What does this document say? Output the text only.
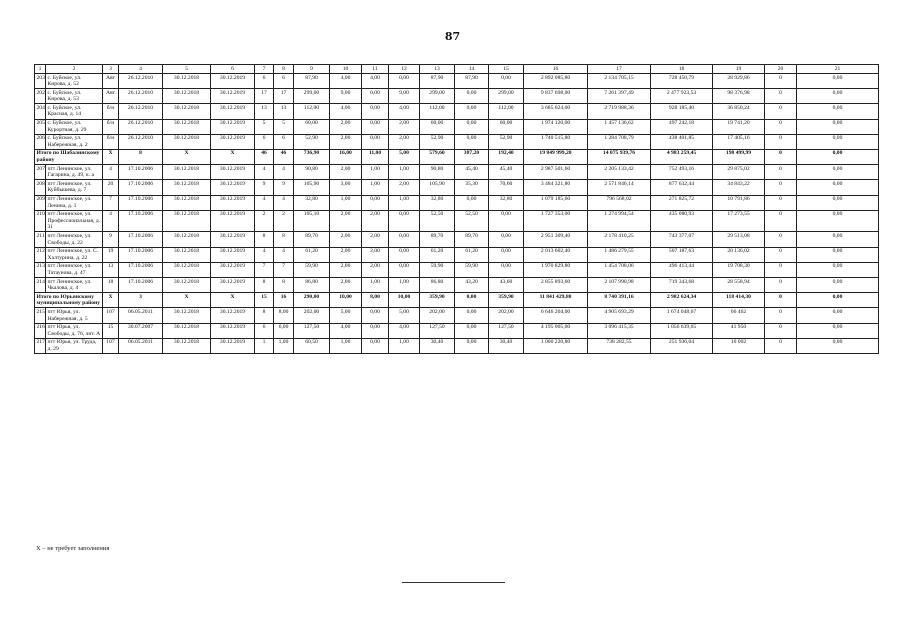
87
1	2	3	4	5	6	7	8	9	10	11	12	13	14	15	16	17	18	19	20	21
203	с. Буйское, ул. Кирова, д. 52	Авт	26.12.2010	30.12.2018	30.12.2019	6	6	87,90	4,00	4,00	0,00	87,90	87,90	0,00	2 892 085,80	2 134 705,15	728 450,79	28 929,86	0	0,00
202	с. Буйское, ул. Кирова, д. 53	Авт	26.12.2010	30.12.2018	30.12.2019	17	17	299,00	9,00	0,00	9,00	299,00	0,00	299,00	9 837 698,00	7 261 397,49	2 477 923,53	98 376,98	0	0,00
204	с. Буйское, ул. Красная, д. 14	б/н	26.12.2010	30.12.2018	30.12.2019	13	13	112,00	4,00	0,00	4,00	112,00	0,00	112,00	3 685 024,00	2 719 988,36	928 185,40	36 850,24	0	0,00
205	с. Буйское, ул. Курортная, д. 29	б/н	26.12.2010	30.12.2018	30.12.2019	5	5	60,00	2,00	0,00	2,00	60,00	0,00	60,00	1 974 120,00	1 457 136,62	497 242,18	19 741,20	0	0,00
206	с. Буйское, ул. Набережная, д. 2	б/н	26.12.2010	30.12.2018	30.12.2019	6	6	52,90	2,00	0,00	2,00	52,90	0,00	52,90	1 740 515,80	1 284 708,79	438 401,85	17 405,16	0	0,00
Итого по Шабалинскому району		X	8	X	X	46	46	736,90	16,00	11,00	5,00	579,60	387,20	192,40	19 849 999,20	14 075 939,76	4 983 259,45	198 499,99	0	0,00
207	пгт Ленинское, ул. Гагарина, д. 49, к. а	4	17.10.2006	30.12.2018	30.12.2019	4	4	90,80	2,00	1,00	1,00	90,80	45,40	45,40	2 987 501,60	2 205 133,42	752 493,16	29 875,02	0	0,00
208	пгт Ленинское, ул. Куйбышева, д. 7	20	17.10.2006	30.12.2018	30.12.2019	9	9	105,90	3,00	1,00	2,00	105,90	35,30	70,60	3 484 321,80	2 571 846,14	877 632,44	34 843,22	0	0,00
209	пгт Ленинское, ул. Ленина, д. 1	7	17.10.2006	30.12.2018	30.12.2019	4	4	32,80	1,00	0,00	1,00	32,80	0,00	32,80	1 079 185,60	796 568,02	271 825,72	10 791,86	0	0,00
210	пгт Ленинское, ул. Профессиональная, д. 31	4	17.10.2006	30.12.2018	30.12.2019	2	2	105,10	2,00	2,00	0,00	52,50	52,50	0,00	1 727 353,00	1 274 994,54	435 080,93	17 273,55	0	0,00
211	пгт Ленинское, ул. Свободы, д. 22	9	17.10.2006	30.12.2018	30.12.2019	8	8	89,70	2,00	2,00	0,00	89,70	89,70	0,00	2 951 309,40	2 178 410,25	743 377,07	29 513,08	0	0,00
212	пгт Ленинское, ул. С. Халтурина, д. 22	19	17.10.2006	30.12.2018	30.12.2019	4	4	61,20	2,00	2,00	0,00	61,20	61,20	0,00	2 013 602,40	1 486 279,55	507 187,63	20 136,02	0	0,00
213	пгт Ленинское, ул. Татаунова, д. 47	13	17.10.2006	30.12.2018	30.12.2019	7	7	59,90	2,00	2,00	0,00	59,90	59,90	0,00	1 970 829,80	1 454 708,06	496 413,44	19 708,30	0	0,00
214	пгт Ленинское, ул. Чкалова, д. 4	18	17.10.2006	30.12.2018	30.12.2019	8	8	86,80	2,00	1,00	1,00	86,80	43,20	43,60	2 855 893,60	2 107 990,98	719 343,68	28 558,94	0	0,00
Итого по Юрьянскому муниципальному району		X	3	X	X	15	16	290,00	10,00	8,00	10,00	359,90	0,00	359,90	11 841 429,80	8 740 391,16	2 982 624,34	118 414,30	0	0,00
215	пгт Юрья, ул. Набережная, д. 5	107	06.05.2011	30.12.2018	30.12.2019	8	8,00	202,00	5,00	0,00	5,00	202,00	0,00	202,00	6 646 204,00	4 905 693,29	1 674 048,67	66 462	0	0,00
216	пгт Юрья, ул. Свободы, д. 76, лит. А	15	30.07.2007	30.12.2018	30.12.2019	6	6,00	127,50	4,00	0,00	4,00	127,50	0,00	127,50	4 195 005,00	3 096 415,35	1 056 639,65	41 950	0	0,00
217	пгт Юрья, ул. Труда, д. 29	107	06.05.2011	30.12.2018	30.12.2019	1	1,00	60,50	1,00	0,00	1,00	30,40	0,00	30,40	1 000 220,80	738 282,55	251 936,04	10 002	0	0,00
X – не требует заполнения
